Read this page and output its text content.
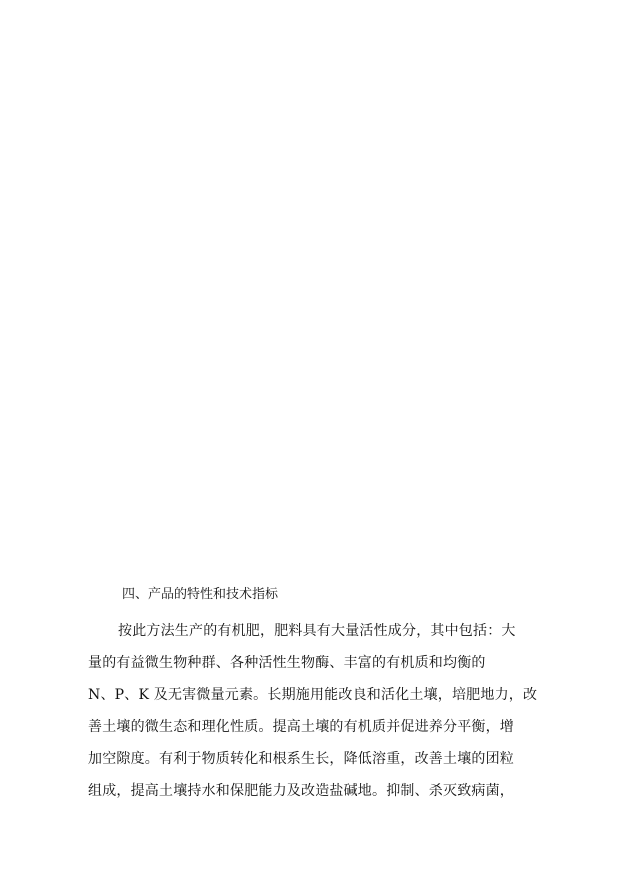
四、产品的特性和技术指标
按此方法生产的有机肥，肥料具有大量活性成分，其中包括：大
量的有益微生物种群、各种活性生物酶、丰富的有机质和均衡的
N、P、K 及无害微量元素。长期施用能改良和活化土壤，培肥地力，改
善土壤的微生态和理化性质。提高土壤的有机质并促进养分平衡，增
加空隙度。有利于物质转化和根系生长，降低溶重，改善土壤的团粒
组成，提高土壤持水和保肥能力及改造盐碱地。抑制、杀灭致病菌，
